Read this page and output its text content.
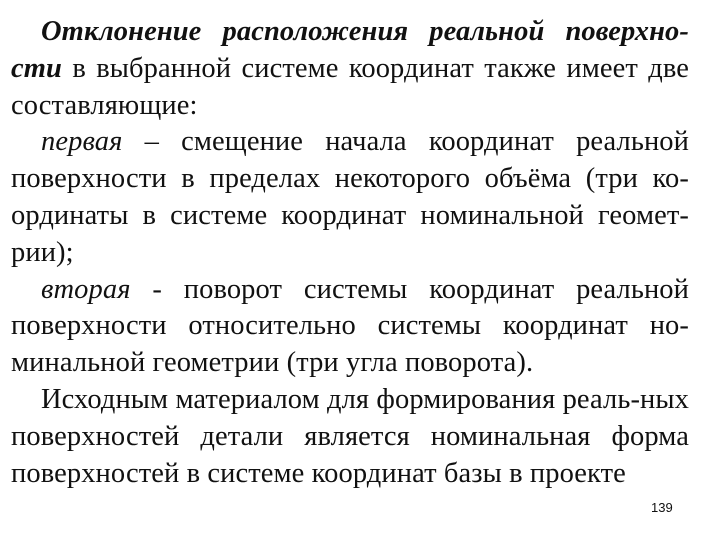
Отклонение расположения реальной поверхно-сти в выбранной системе координат также имеет две составляющие:

первая – смещение начала координат реальной поверхности в пределах некоторого объёма (три ко-ординаты в системе координат номинальной геомет-рии);

вторая - поворот системы координат реальной поверхности относительно системы координат но-минальной геометрии (три угла поворота).

Исходным материалом для формирования реаль-ных поверхностей детали является номинальная форма поверхностей в системе координат базы в проекте

139
